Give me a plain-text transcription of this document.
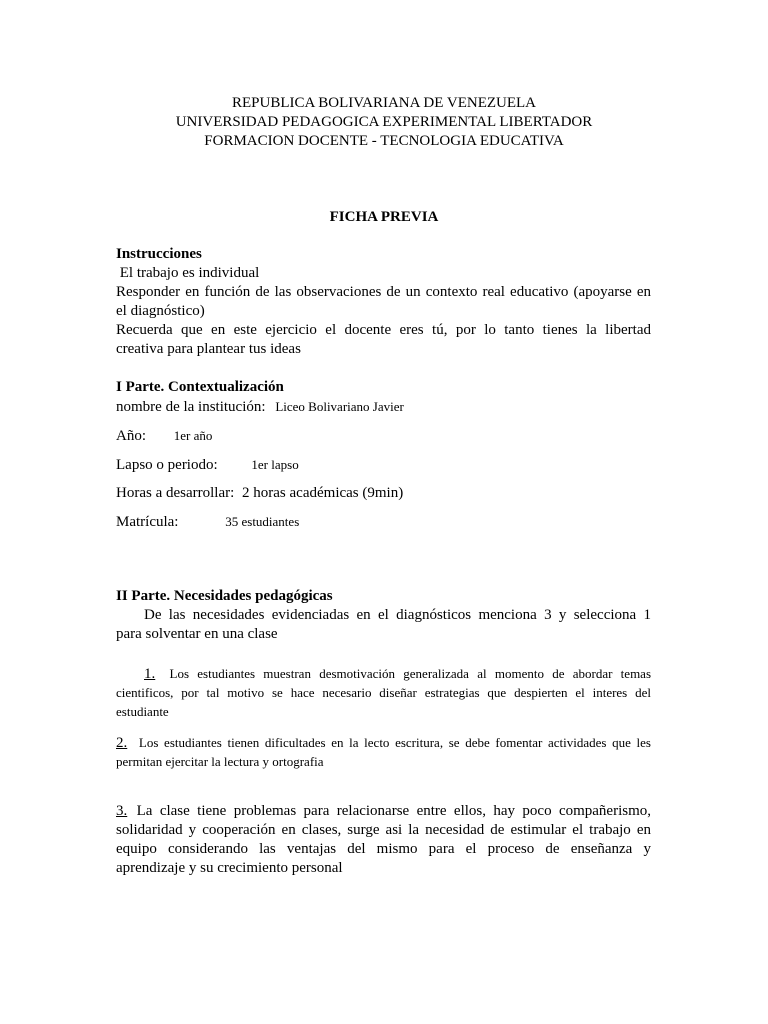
REPUBLICA BOLIVARIANA DE VENEZUELA
UNIVERSIDAD PEDAGOGICA EXPERIMENTAL LIBERTADOR
FORMACION DOCENTE - TECNOLOGIA EDUCATIVA
FICHA PREVIA
Instrucciones
El trabajo es individual
Responder en función de las observaciones de un contexto real educativo (apoyarse en
el diagnóstico)
Recuerda que en este ejercicio el docente eres tú, por lo tanto tienes la libertad
creativa para plantear tus ideas
I Parte. Contextualización
nombre de la institución: Liceo Bolivariano Javier
Año: 1er año
Lapso o periodo:	1er lapso
Horas a desarrollar: 2 horas académicas (9min)
Matrícula:	35 estudiantes
II Parte. Necesidades pedagógicas
De las necesidades evidenciadas en el diagnósticos menciona 3 y selecciona 1
para solventar en una clase
1. Los estudiantes muestran desmotivación generalizada al momento de abordar temas
cientificos, por tal motivo se hace necesario diseñar estrategias que despierten el interes del
estudiante
2. Los estudiantes tienen dificultades en la lecto escritura, se debe fomentar actividades que les
permitan ejercitar la lectura y ortografia
3. La clase tiene problemas para relacionarse entre ellos, hay poco compañerismo,
solidaridad y cooperación en clases, surge asi la necesidad de estimular el trabajo en
equipo considerando las ventajas del mismo para el proceso de enseñanza y
aprendizaje y su crecimiento personal
